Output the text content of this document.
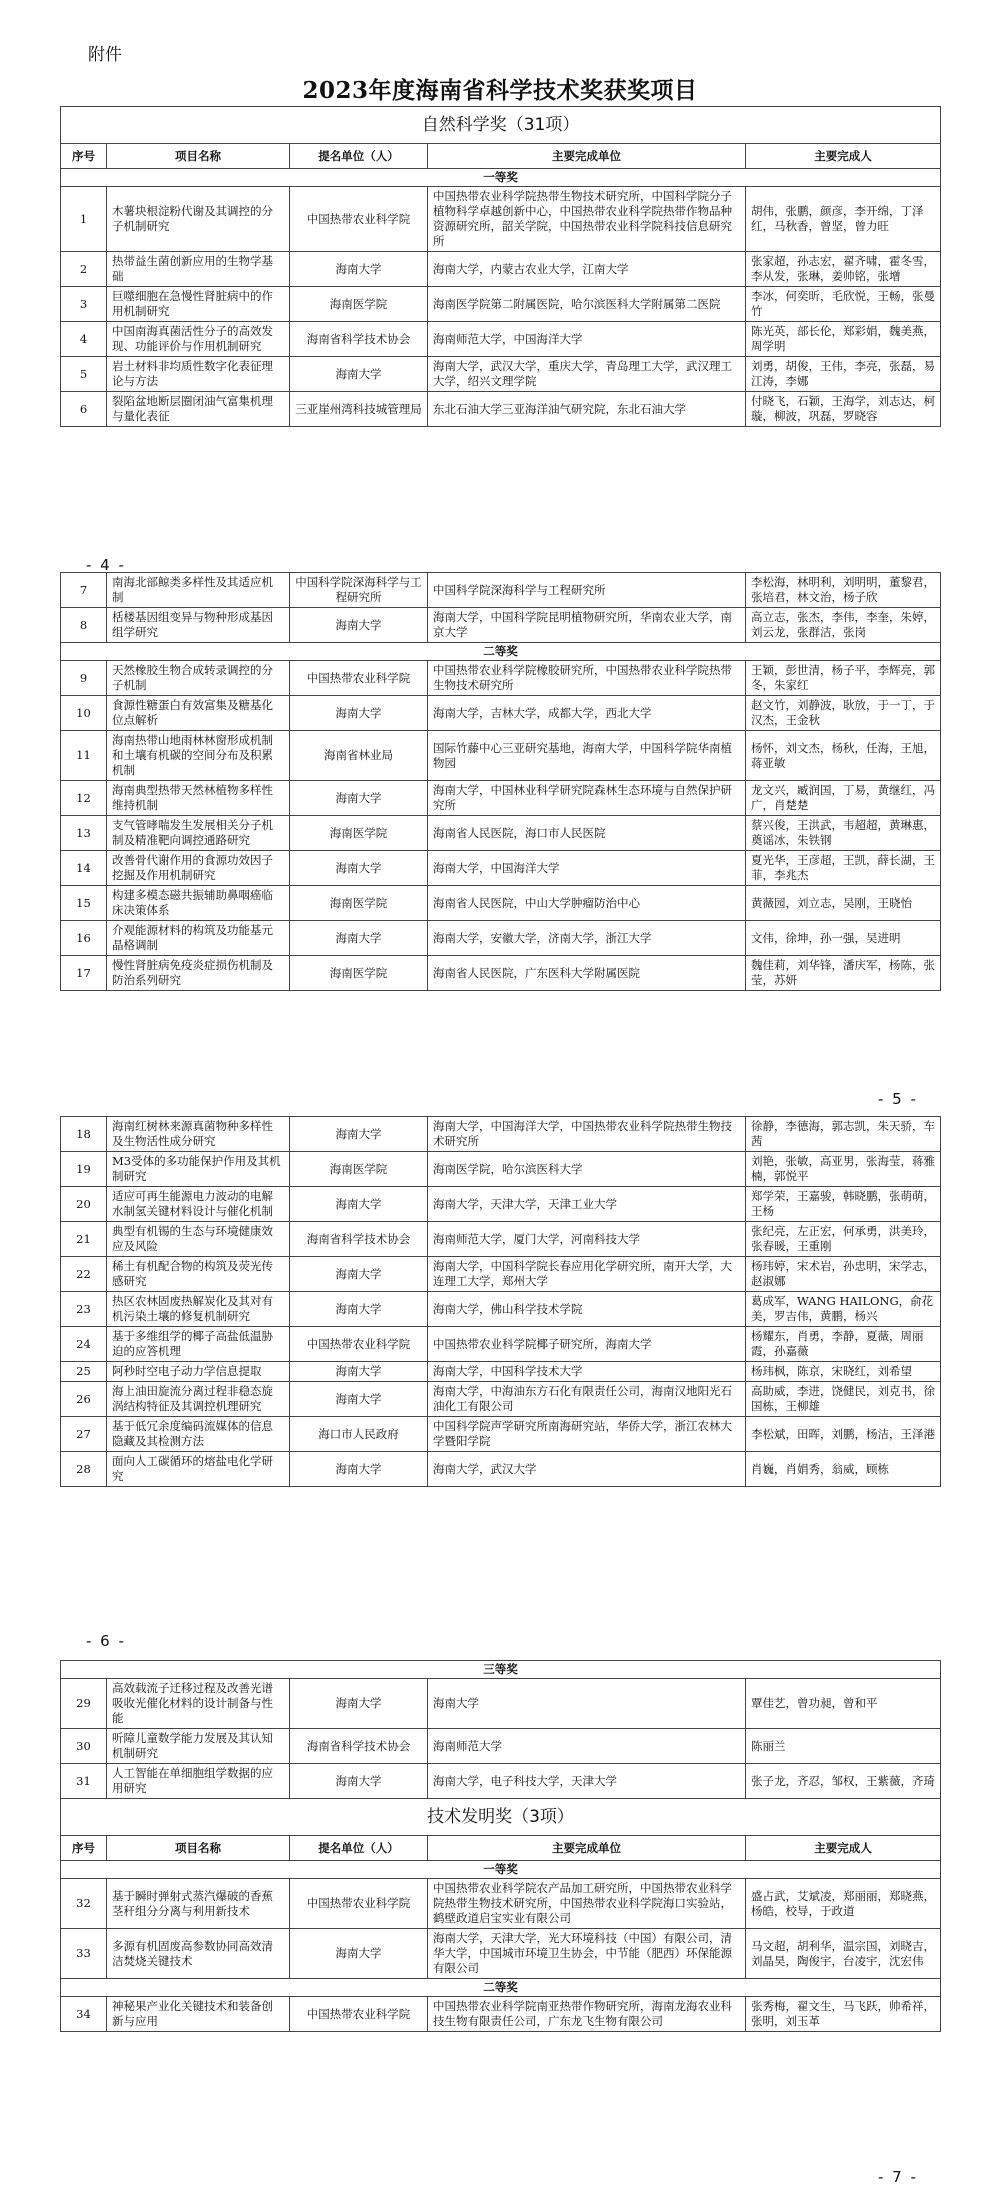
附件
2023年度海南省科学技术奖获奖项目
自然科学奖（31项）				
序号	项目名称	提名单位（人）	主要完成单位	主要完成人
一等奖				
1	木薯块根淀粉代谢及其调控的分子机制研究	中国热带农业科学院	中国热带农业科学院热带生物技术研究所，中国科学院分子植物科学卓越创新中心，中国热带农业科学院热带作物品种资源研究所，韶关学院，中国热带农业科学院科技信息研究所	胡伟，张鹏，颜彦，李开绵，丁泽红，马秋香，曾坚，曾力旺
2	热带益生菌创新应用的生物学基础	海南大学	海南大学，内蒙古农业大学，江南大学	张家超，孙志宏，翟齐啸，霍冬雪，李从发，张琳，姜帅铭，张增
3	巨噬细胞在急慢性肾脏病中的作用机制研究	海南医学院	海南医学院第二附属医院，哈尔滨医科大学附属第二医院	李冰，何奕昕，毛欣悦，王畅，张曼竹
4	中国南海真菌活性分子的高效发现、功能评价与作用机制研究	海南省科学技术协会	海南师范大学，中国海洋大学	陈光英，部长伦，郑彩娟，魏美燕，周学明
5	岩土材料非均质性数字化表征理论与方法	海南大学	海南大学，武汉大学，重庆大学，青岛理工大学，武汉理工大学，绍兴文理学院	刘勇，胡俊，王伟，李亮，张磊，易江涛，李娜
6	裂陷盆地断层圈闭油气富集机理与量化表征	三亚崖州湾科技城管理局	东北石油大学三亚海洋油气研究院，东北石油大学	付晓飞，石颖，王海学，刘志达，柯璇，柳波，巩磊，罗晓容
- 4 -
7	南海北部鲸类多样性及其适应机制	中国科学院深海科学与工程研究所	中国科学院深海科学与工程研究所	李松海，林明利，刘明明，董黎君，张培君，林文治，杨子欣
8	栝楼基因组变异与物种形成基因组学研究	海南大学	海南大学，中国科学院昆明植物研究所，华南农业大学，南京大学	高立志，张杰，李伟，李奎，朱婷，刘云龙，张群洁，张岗
二等奖				
9	天然橡胶生物合成转录调控的分子机制	中国热带农业科学院	中国热带农业科学院橡胶研究所，中国热带农业科学院热带生物技术研究所	王颖，彭世清，杨子平，李辉亮，郭冬，朱家红
10	食源性糖蛋白有效富集及糖基化位点解析	海南大学	海南大学，吉林大学，成都大学，西北大学	赵文竹，刘静波，耿放，于一丁，于汉杰，王金秋
11	海南热带山地雨林林窗形成机制和土壤有机碳的空间分布及积累机制	海南省林业局	国际竹藤中心三亚研究基地，海南大学，中国科学院华南植物园	杨怀，刘文杰，杨秋，任海，王旭，蒋亚敏
12	海南典型热带天然林植物多样性维持机制	海南大学	海南大学，中国林业科学研究院森林生态环境与自然保护研究所	龙文兴，臧润国，丁易，黄继红，冯广，肖楚楚
13	支气管哮喘发生发展相关分子机制及精准靶向调控通路研究	海南医学院	海南省人民医院，海口市人民医院	蔡兴俊，王洪武，韦超超，黄琳惠，奠谣冰，朱铁钢
14	改善骨代谢作用的食源功效因子挖掘及作用机制研究	海南大学	海南大学，中国海洋大学	夏光华，王彦超，王凯，薛长湖，王菲，李兆杰
15	构建多模态磁共振辅助鼻咽癌临床决策体系	海南医学院	海南省人民医院，中山大学肿瘤防治中心	黄薇园，刘立志，吴刚，王晓怡
16	介观能源材料的构筑及功能基元晶格调制	海南大学	海南大学，安徽大学，济南大学，浙江大学	文伟，徐坤，孙一强，吴进明
17	慢性肾脏病免疫炎症损伤机制及防治系列研究	海南医学院	海南省人民医院，广东医科大学附属医院	魏佳莉，刘华锋，潘庆军，杨陈，张莹，苏妍
- 5 -
18	海南红树林来源真菌物种多样性及生物活性成分研究	海南大学	海南大学，中国海洋大学，中国热带农业科学院热带生物技术研究所	徐静，李德海，郭志凯，朱天骄，车茜
19	M3受体的多功能保护作用及其机制研究	海南医学院	海南医学院，哈尔滨医科大学	刘艳，张敏，高亚男，张海莹，蒋雅楠，郭悦平
20	适应可再生能源电力波动的电解水制氢关键材料设计与催化机制	海南大学	海南大学，天津大学，天津工业大学	郑学荣，王嘉骏，韩晓鹏，张萌萌，王杨
21	典型有机锡的生态与环境健康效应及风险	海南省科学技术协会	海南师范大学，厦门大学，河南科技大学	张纪亮，左正宏，何承勇，洪美玲，张春暖，王重刚
22	稀土有机配合物的构筑及荧光传感研究	海南大学	海南大学，中国科学院长春应用化学研究所，南开大学，大连理工大学，郑州大学	杨玮婷，宋术岩，孙忠明，宋学志，赵淑娜
23	热区农林固废热解炭化及其对有机污染土壤的修复机制研究	海南大学	海南大学，佛山科学技术学院	葛成军，WANG HAILONG，俞花美，罗吉伟，黄鹏，杨兴
24	基于多维组学的椰子高盐低温胁迫的应答机理	中国热带农业科学院	中国热带农业科学院椰子研究所，海南大学	杨耀东，肖勇，李静，夏薇，周丽霞，孙嘉薇
25	阿秒时空电子动力学信息提取	海南大学	海南大学，中国科学技术大学	杨玮枫，陈京，宋晓红，刘希望
26	海上油田旋流分离过程非稳态旋涡结构特征及其调控机理研究	海南大学	海南大学，中海油东方石化有限责任公司，海南汉地阳光石油化工有限公司	高助威，李进，饶健民，刘克书，徐国栋，王柳雄
27	基于低冗余度编码流媒体的信息隐藏及其检测方法	海口市人民政府	中国科学院声学研究所南海研究站，华侨大学，浙江农林大学暨阳学院	李松斌，田晖，刘鹏，杨洁，王泽港
28	面向人工碳循环的熔盐电化学研究	海南大学	海南大学，武汉大学	肖巍，肖娟秀，翁威，顾栋
- 6 -
三等奖				
29	高效载流子迁移过程及改善光谱吸收光催化材料的设计制备与性能	海南大学	海南大学	覃佳艺，曾功昶，曾和平
30	听障儿童数学能力发展及其认知机制研究	海南省科学技术协会	海南师范大学	陈丽兰
31	人工智能在单细胞组学数据的应用研究	海南大学	海南大学，电子科技大学，天津大学	张子龙，齐忍，邹权，王紫薇，齐琦
技术发明奖（3项）				
序号	项目名称	提名单位（人）	主要完成单位	主要完成人
一等奖				
32	基于瞬时弹射式蒸汽爆破的香蕉茎秆组分分离与利用新技术	中国热带农业科学院	中国热带农业科学院农产品加工研究所，中国热带农业科学院热带生物技术研究所，中国热带农业科学院海口实验站，鹤壁政道启宝实业有限公司	盛占武，艾斌凌，郑丽丽，郑晓燕，杨皓，校导，于政道
33	多源有机固废高参数协同高效清洁焚烧关键技术	海南大学	海南大学，天津大学，光大环境科技（中国）有限公司，清华大学，中国城市环境卫生协会，中节能（肥西）环保能源有限公司	马文超，胡利华，温宗国，刘晓吉，刘晶昊，陶俊宇，台凌宇，沈宏伟
二等奖				
34	神秘果产业化关键技术和装备创新与应用	中国热带农业科学院	中国热带农业科学院南亚热带作物研究所，海南龙海农业科技生物有限责任公司，广东龙飞生物有限公司	张秀梅，翟文生，马飞跃，帅希祥，张明，刘玉革
- 7 -
